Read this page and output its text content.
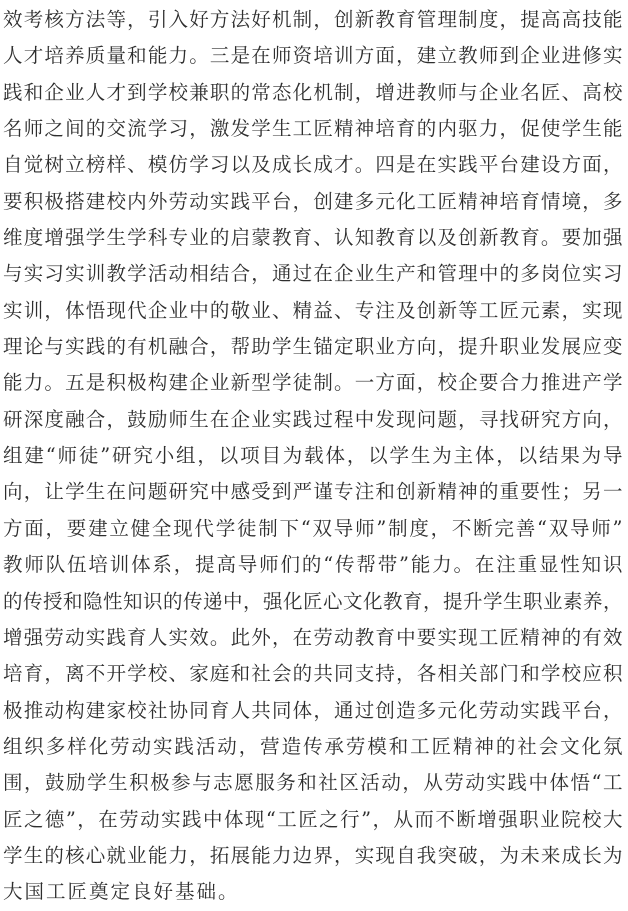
效考核方法等，引入好方法好机制，创新教育管理制度，提高高技能
人才培养质量和能力。三是在师资培训方面，建立教师到企业进修实
践和企业人才到学校兼职的常态化机制，增进教师与企业名匠、高校
名师之间的交流学习，激发学生工匠精神培育的内驱力，促使学生能
自觉树立榜样、模仿学习以及成长成才。四是在实践平台建设方面，
要积极搭建校内外劳动实践平台，创建多元化工匠精神培育情境，多
维度增强学生学科专业的启蒙教育、认知教育以及创新教育。要加强
与实习实训教学活动相结合，通过在企业生产和管理中的多岗位实习
实训，体悟现代企业中的敬业、精益、专注及创新等工匠元素，实现
理论与实践的有机融合，帮助学生锚定职业方向，提升职业发展应变
能力。五是积极构建企业新型学徒制。一方面，校企要合力推进产学
研深度融合，鼓励师生在企业实践过程中发现问题，寻找研究方向，
组建“师徒”研究小组，以项目为载体，以学生为主体，以结果为导
向，让学生在问题研究中感受到严谨专注和创新精神的重要性；另一
方面，要建立健全现代学徒制下“双导师”制度，不断完善“双导师”
教师队伍培训体系，提高导师们的“传帮带”能力。在注重显性知识
的传授和隐性知识的传递中，强化匠心文化教育，提升学生职业素养，
增强劳动实践育人实效。此外，在劳动教育中要实现工匠精神的有效
培育，离不开学校、家庭和社会的共同支持，各相关部门和学校应积
极推动构建家校社协同育人共同体，通过创造多元化劳动实践平台，
组织多样化劳动实践活动，营造传承劳模和工匠精神的社会文化氛
围，鼓励学生积极参与志愿服务和社区活动，从劳动实践中体悟“工
匠之德”，在劳动实践中体现“工匠之行”，从而不断增强职业院校大
学生的核心就业能力，拓展能力边界，实现自我突破，为未来成长为
大国工匠奠定良好基础。
